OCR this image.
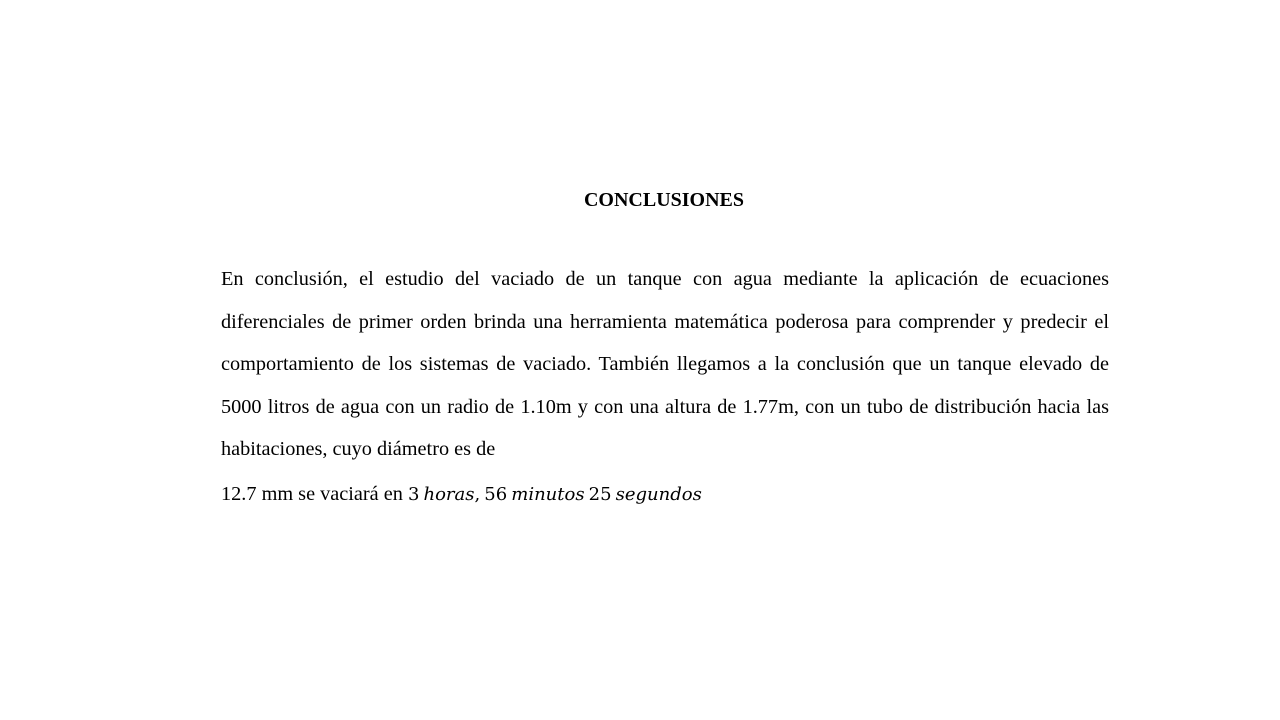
CONCLUSIONES

En conclusión, el estudio del vaciado de un tanque con agua mediante la aplicación de ecuaciones diferenciales de primer orden brinda una herramienta matemática poderosa para comprender y predecir el comportamiento de los sistemas de vaciado. También llegamos a la conclusión que un tanque elevado de 5000 litros de agua con un radio de 1.10m y con una altura de 1.77m, con un tubo de distribución hacia las habitaciones, cuyo diámetro es de

12.7 mm se vaciará en 3  horas,  56  minutos  25  segundos
